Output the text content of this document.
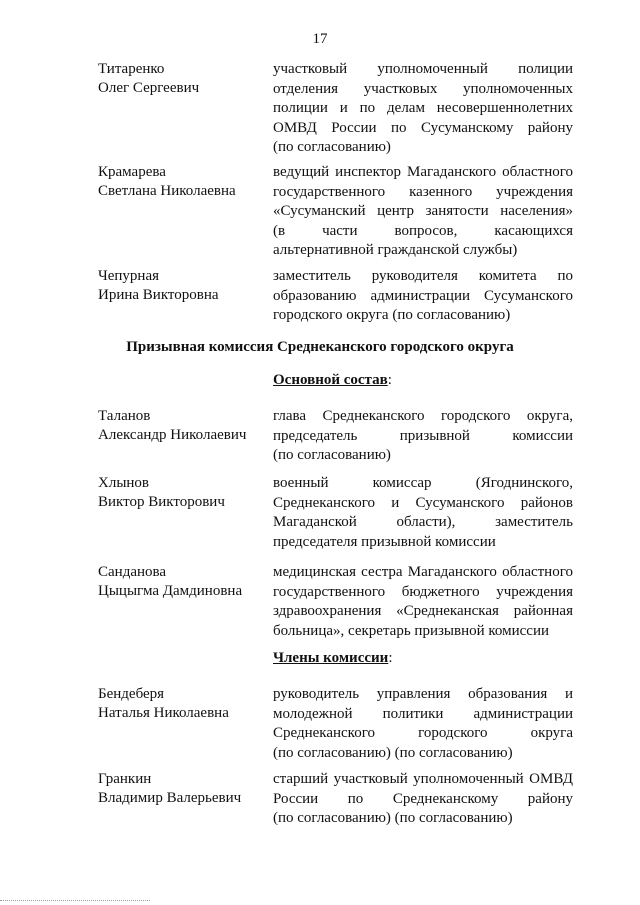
17
Титаренко
Олег Сергеевич
участковый уполномоченный полиции
отделения участковых уполномоченных
полиции и по делам несовершеннолетних
ОМВД России по Сусуманскому району
(по согласованию)
Крамарева
Светлана Николаевна
ведущий инспектор Магаданского областного
государственного казенного учреждения
«Сусуманский центр занятости населения»
(в части вопросов, касающихся
альтернативной гражданской службы)
Чепурная
Ирина Викторовна
заместитель руководителя комитета по
образованию администрации Сусуманского
городского округа (по согласованию)
Призывная комиссия Среднеканского городского округа
Основной состав:
Таланов
Александр Николаевич
глава Среднеканского городского округа,
председатель призывной комиссии
(по согласованию)
Хлынов
Виктор Викторович
военный комиссар (Ягоднинского,
Среднеканского и Сусуманского районов
Магаданской области), заместитель
председателя призывной комиссии
Санданова
Цыцыгма Дамдиновна
медицинская сестра Магаданского областного
государственного бюджетного учреждения
здравоохранения «Среднеканская районная
больница», секретарь призывной комиссии
Члены комиссии:
Бендеберя
Наталья Николаевна
руководитель управления образования и
молодежной политики администрации
Среднеканского городского округа
(по согласованию) (по согласованию)
Гранкин
Владимир Валерьевич
старший участковый уполномоченный ОМВД
России по Среднеканскому району
(по согласованию) (по согласованию)
